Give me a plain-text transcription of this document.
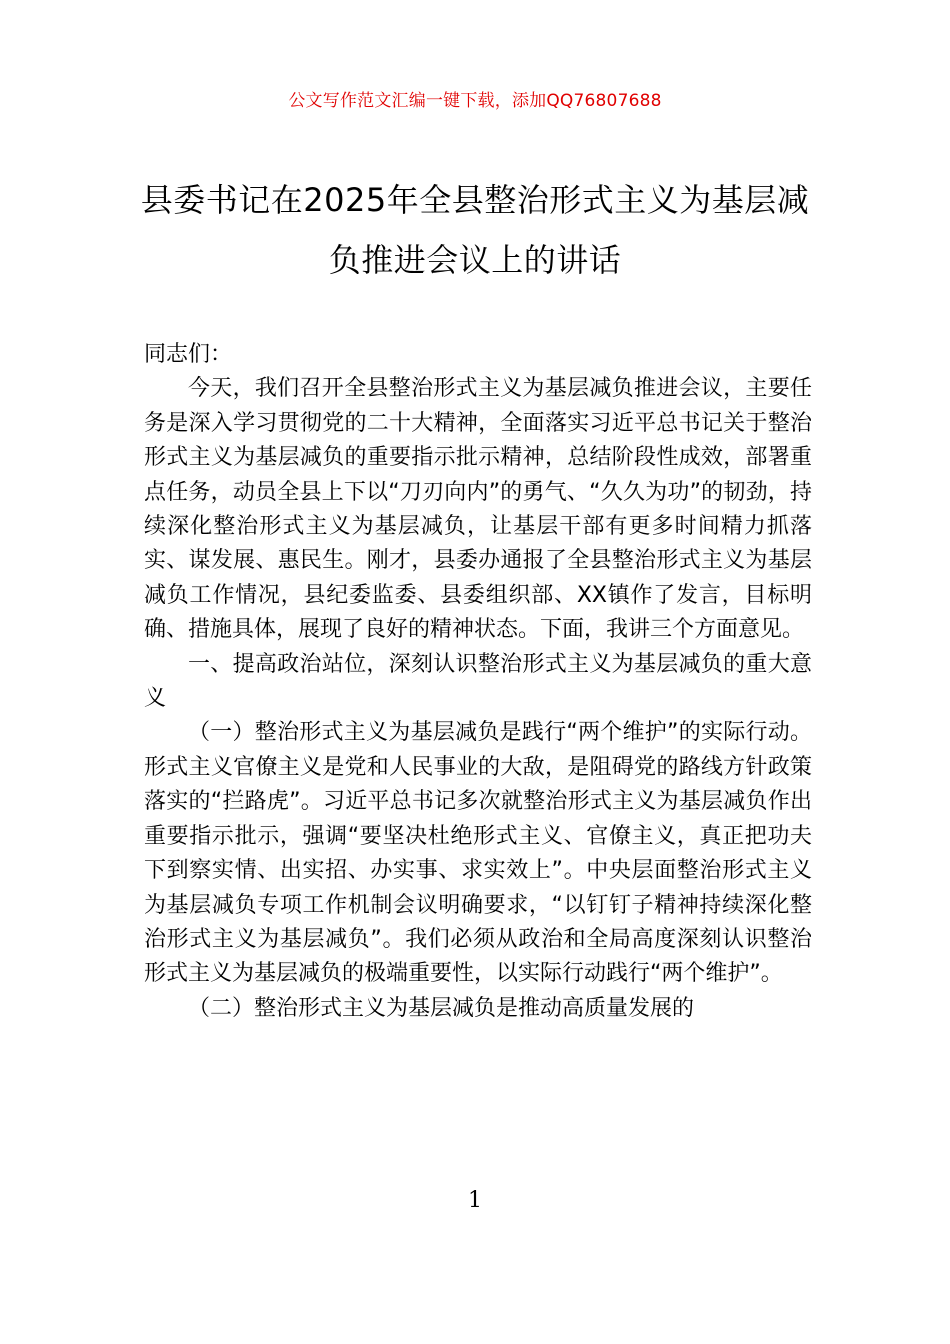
公文写作范文汇编一键下载，添加QQ76807688
县委书记在2025年全县整治形式主义为基层减负推进会议上的讲话

同志们：

今天，我们召开全县整治形式主义为基层减负推进会议，主要任务是深入学习贯彻党的二十大精神，全面落实习近平总书记关于整治形式主义为基层减负的重要指示批示精神，总结阶段性成效，部署重点任务，动员全县上下以“刀刃向内”的勇气、“久久为功”的韧劲，持续深化整治形式主义为基层减负，让基层干部有更多时间精力抓落实、谋发展、惠民生。刚才，县委办通报了全县整治形式主义为基层减负工作情况，县纪委监委、县委组织部、XX镇作了发言，目标明确、措施具体，展现了良好的精神状态。下面，我讲三个方面意见。

一、提高政治站位，深刻认识整治形式主义为基层减负的重大意义

（一）整治形式主义为基层减负是践行“两个维护”的实际行动。形式主义官僚主义是党和人民事业的大敌，是阻碍党的路线方针政策落实的“拦路虎”。习近平总书记多次就整治形式主义为基层减负作出重要指示批示，强调“要坚决杜绝形式主义、官僚主义，真正把功夫下到察实情、出实招、办实事、求实效上”。中央层面整治形式主义为基层减负专项工作机制会议明确要求，“以钉钉子精神持续深化整治形式主义为基层减负”。我们必须从政治和全局高度深刻认识整治形式主义为基层减负的极端重要性，以实际行动践行“两个维护”。

（二）整治形式主义为基层减负是推动高质量发展的

1
